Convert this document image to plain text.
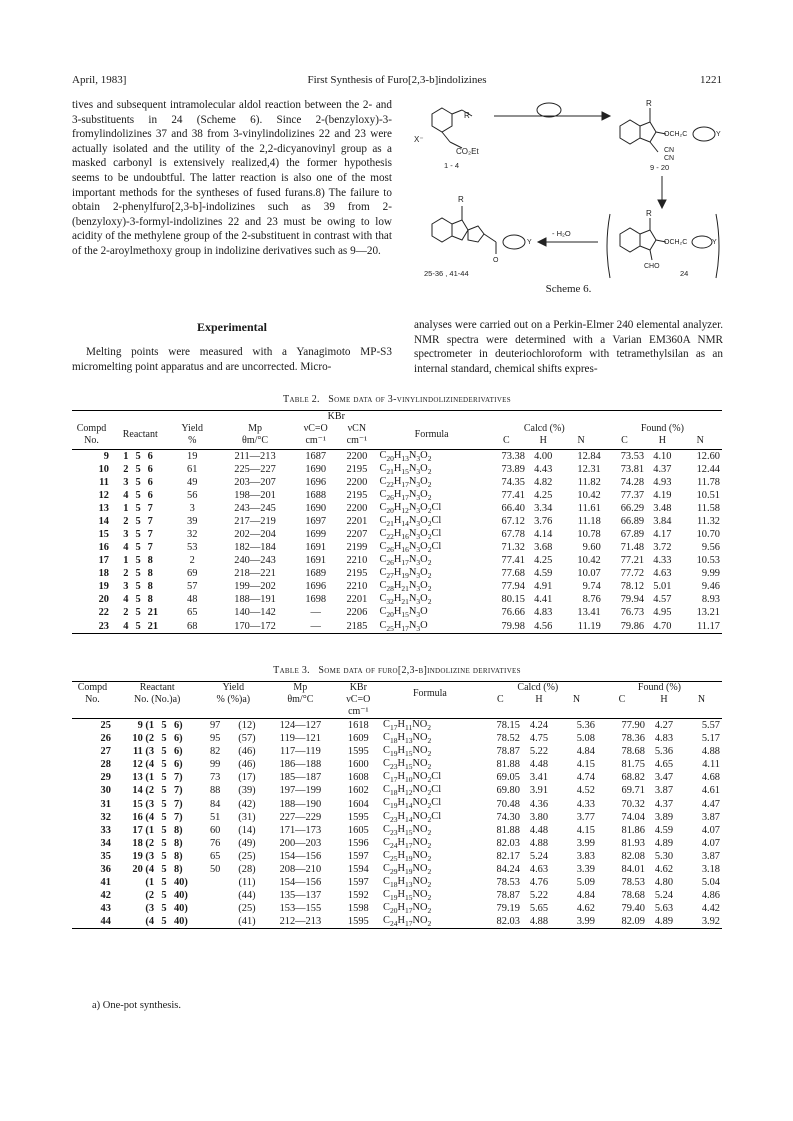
April, 1983]	First Synthesis of Furo[2,3-b]indolizines	1221
tives and subsequent intramolecular aldol reaction between the 2- and 3-substituents in 24 (Scheme 6). Since 2-(benzyloxy)-3-fromylindolizines 37 and 38 from 3-vinylindolizines 22 and 23 were actually isolated and the utility of the 2,2-dicyanovinyl group as a masked carbonyl is extensively realized,4) the former hypothesis seems to be undoubtful. The latter reaction is also one of the most important methods for the syntheses of fused furans.8) The failure to obtain 2-phenylfuro[2,3-b]-indolizines such as 39 from 2-(benzyloxy)-3-formyl-indolizines 22 and 23 must be owing to low acidity of the methylene group of the 2-substituent in contrast with that of the 2-aroylmethoxy group in indolizine derivatives such as 9—20.
Experimental
Melting points were measured with a Yanagimoto MP-S3 micromelting point apparatus and are uncorrected. Micro-
analyses were carried out on a Perkin-Elmer 240 elemental analyzer. NMR spectra were determined with a Varian EM360A NMR spectrometer in deuteriochloroform with tetramethylsilan as an internal standard, chemical shifts expres-
R
X⁻
CO₂Et
1 - 4
R
OCH₂C	Y
CN
CN
9 - 20
R
OCH₂C	Y
CHO
24
- H₂O
R
Y
O
25-36 , 41-44
Scheme 6.
Table 2. Some data of 3-vinylindolizinederivatives
						KBr								
Compd	Reactant			Yield	Mp	νC=O	νCN	Formula	Calcd (%)			Found (%)		
No.				%	θm/°C	cm⁻¹	cm⁻¹		C	H	N	C	H	N

9	1	5	6	19	211—213	1687	2200	$C_{20}H_{13}N_3O_2$	73.38	4.00	12.84	73.53	4.10	12.60
10	2	5	6	61	225—227	1690	2195	$C_{21}H_{15}N_3O_2$	73.89	4.43	12.31	73.81	4.37	12.44
11	3	5	6	49	203—207	1696	2200	$C_{22}H_{17}N_3O_2$	74.35	4.82	11.82	74.28	4.93	11.78
12	4	5	6	56	198—201	1688	2195	$C_{26}H_{17}N_3O_2$	77.41	4.25	10.42	77.37	4.19	10.51
13	1	5	7	3	243—245	1690	2200	$C_{20}H_{12}N_3O_2Cl$	66.40	3.34	11.61	66.29	3.48	11.58
14	2	5	7	39	217—219	1697	2201	$C_{21}H_{14}N_3O_2Cl$	67.12	3.76	11.18	66.89	3.84	11.32
15	3	5	7	32	202—204	1699	2207	$C_{22}H_{16}N_3O_2Cl$	67.78	4.14	10.78	67.89	4.17	10.70
16	4	5	7	53	182—184	1691	2199	$C_{26}H_{16}N_3O_2Cl$	71.32	3.68	9.60	71.48	3.72	9.56
17	1	5	8	2	240—243	1691	2210	$C_{26}H_{17}N_3O_2$	77.41	4.25	10.42	77.21	4.33	10.53
18	2	5	8	69	218—221	1689	2195	$C_{27}H_{19}N_3O_2$	77.68	4.59	10.07	77.72	4.63	9.99
19	3	5	8	57	199—202	1696	2210	$C_{28}H_{21}N_3O_2$	77.94	4.91	9.74	78.12	5.01	9.46
20	4	5	8	48	188—191	1698	2201	$C_{32}H_{21}N_3O_2$	80.15	4.41	8.76	79.94	4.57	8.93
22	2	5	21	65	140—142	—	2206	$C_{20}H_{15}N_3O$	76.66	4.83	13.41	76.73	4.95	13.21
23	4	5	21	68	170—172	—	2185	$C_{25}H_{17}N_3O$	79.98	4.56	11.19	79.86	4.70	11.17
Table 3. Some data of furo[2,3-b]indolizine derivatives
Compd	Reactant			Yield		Mp	KBr	Formula	Calcd (%)			Found (%)		
No.	No. (No.)a)			% (%)a)		θm/°C	νC=O		C	H	N	C	H	N
							cm⁻¹							
25	9 (1	5	6)	97	(12)	124—127	1618	$C_{17}H_{11}NO_2$	78.15	4.24	5.36	77.90	4.27	5.57
26	10 (2	5	6)	95	(57)	119—121	1609	$C_{18}H_{13}NO_2$	78.52	4.75	5.08	78.36	4.83	5.17
27	11 (3	5	6)	82	(46)	117—119	1595	$C_{19}H_{15}NO_2$	78.87	5.22	4.84	78.68	5.36	4.88
28	12 (4	5	6)	99	(46)	186—188	1600	$C_{23}H_{15}NO_2$	81.88	4.48	4.15	81.75	4.65	4.11
29	13 (1	5	7)	73	(17)	185—187	1608	$C_{17}H_{10}NO_2Cl$	69.05	3.41	4.74	68.82	3.47	4.68
30	14 (2	5	7)	88	(39)	197—199	1602	$C_{18}H_{12}NO_2Cl$	69.80	3.91	4.52	69.71	3.87	4.61
31	15 (3	5	7)	84	(42)	188—190	1604	$C_{19}H_{14}NO_2Cl$	70.48	4.36	4.33	70.32	4.37	4.47
32	16 (4	5	7)	51	(31)	227—229	1595	$C_{23}H_{14}NO_2Cl$	74.30	3.80	3.77	74.04	3.89	3.87
33	17 (1	5	8)	60	(14)	171—173	1605	$C_{23}H_{15}NO_2$	81.88	4.48	4.15	81.86	4.59	4.07
34	18 (2	5	8)	76	(49)	200—203	1596	$C_{24}H_{17}NO_2$	82.03	4.88	3.99	81.93	4.89	4.07
35	19 (3	5	8)	65	(25)	154—156	1597	$C_{25}H_{19}NO_2$	82.17	5.24	3.83	82.08	5.30	3.87
36	20 (4	5	8)	50	(28)	208—210	1594	$C_{29}H_{19}NO_2$	84.24	4.63	3.39	84.01	4.62	3.18
41	(1	5	40)		(11)	154—156	1597	$C_{18}H_{13}NO_2$	78.53	4.76	5.09	78.53	4.80	5.04
42	(2	5	40)		(44)	135—137	1592	$C_{19}H_{15}NO_2$	78.87	5.22	4.84	78.68	5.24	4.86
43	(3	5	40)		(25)	153—155	1598	$C_{20}H_{17}NO_2$	79.19	5.65	4.62	79.40	5.63	4.42
44	(4	5	40)		(41)	212—213	1595	$C_{24}H_{17}NO_2$	82.03	4.88	3.99	82.09	4.89	3.92
a) One-pot synthesis.
